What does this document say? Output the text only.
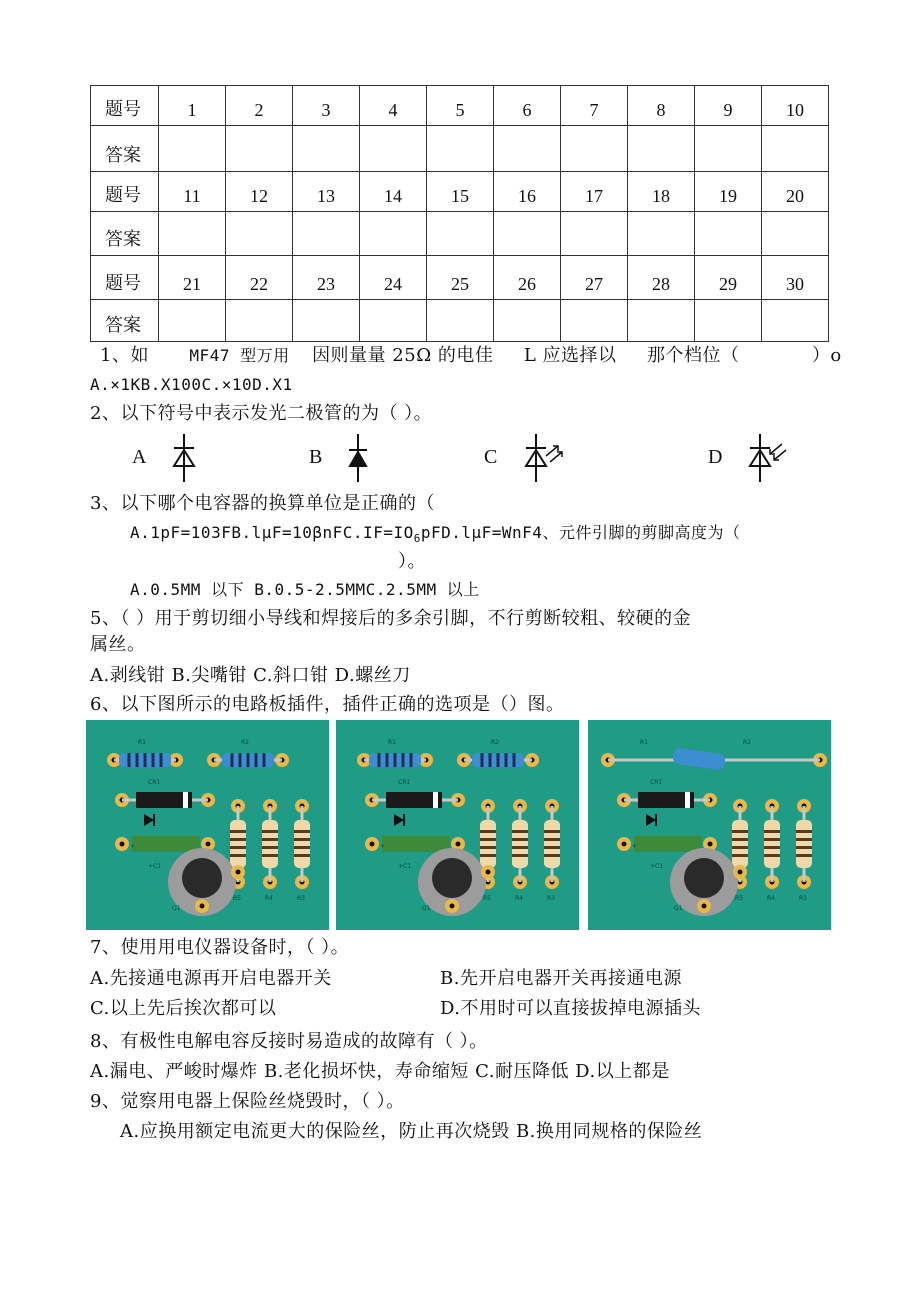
题号	1	2	3	4	5	6	7	8	9	10
答案										
题号	11	12	13	14	15	16	17	18	19	20
答案										
题号	21	22	23	24	25	26	27	28	29	30
答案										
1、如	MF47 型万用 因则量量 25Ω 的电佳 L 应选择以 那个档位（	）o
A.×1KB.X100C.×10D.X1
2、以下符号中表示发光二极管的为（ ）。
A	B	C	D
3、以下哪个电容器的换算单位是正确的（
$A.1pF=103FB.l\mu F=10\beta nFC.IF=IO_6pFD.l\mu F=WnF4$、元件引脚的剪脚高度为（
）。
A.0.5MM 以下 B.0.5-2.5MMC.2.5MM 以上
5、（ ）用于剪切细小导线和焊接后的多余引脚，不行剪断较粗、较硬的金
属丝。
A.剥线钳 B.尖嘴钳 C.斜口钳 D.螺丝刀
6、以下图所示的电路板插件，插件正确的选项是（）图。
R1	R2
CR1
+
R5	R4	R3
+C1
Q1
R1	R2
CR1
+
R5	R4	R3
+C1
Q1
R1	R2
CR1
+
R5	R4	R3
+C1
Q1
7、使用用电仪器设备时，（ ）。
A.先接通电源再开启电器开关	B.先开启电器开关再接通电源
C.以上先后挨次都可以	D.不用时可以直接拔掉电源插头
8、有极性电解电容反接时易造成的故障有（ ）。
A.漏电、严峻时爆炸 B.老化损坏快，寿命缩短 C.耐压降低 D.以上都是
9、觉察用电器上保险丝烧毁时，（ ）。
A.应换用额定电流更大的保险丝，防止再次烧毁 B.换用同规格的保险丝
